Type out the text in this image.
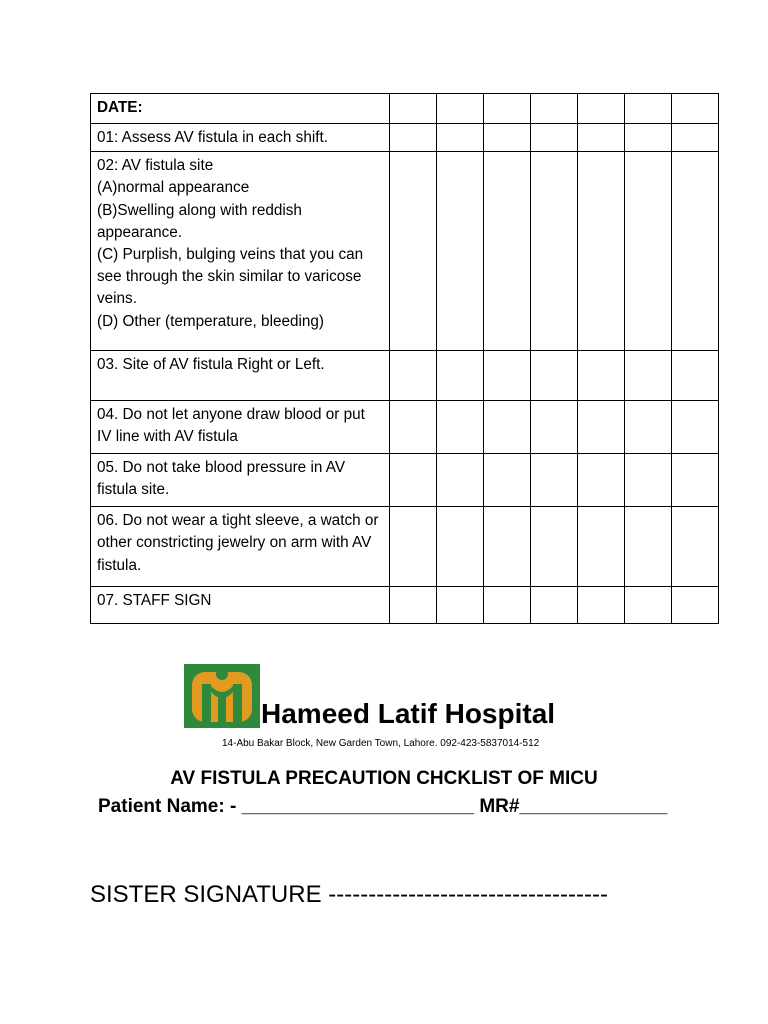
DATE:							
01: Assess AV fistula in each shift.							
02: AV fistula site
(A)normal appearance
(B)Swelling along with reddish appearance.
(C) Purplish, bulging veins that you can see through the skin similar to varicose veins.
(D) Other (temperature, bleeding)							
03. Site of AV fistula Right or Left.							
04. Do not let anyone draw blood or put IV line with AV fistula							
05. Do not take blood pressure in AV fistula site.							
06. Do not wear a tight sleeve, a watch or other constricting jewelry on arm with AV fistula.							
07. STAFF SIGN							
Hameed Latif Hospital
14-Abu Bakar Block, New Garden Town, Lahore. 092-423-5837014-512
AV FISTULA PRECAUTION CHCKLIST OF MICU
Patient Name: - ______________________ MR#______________
SISTER SIGNATURE -----------------------------------
